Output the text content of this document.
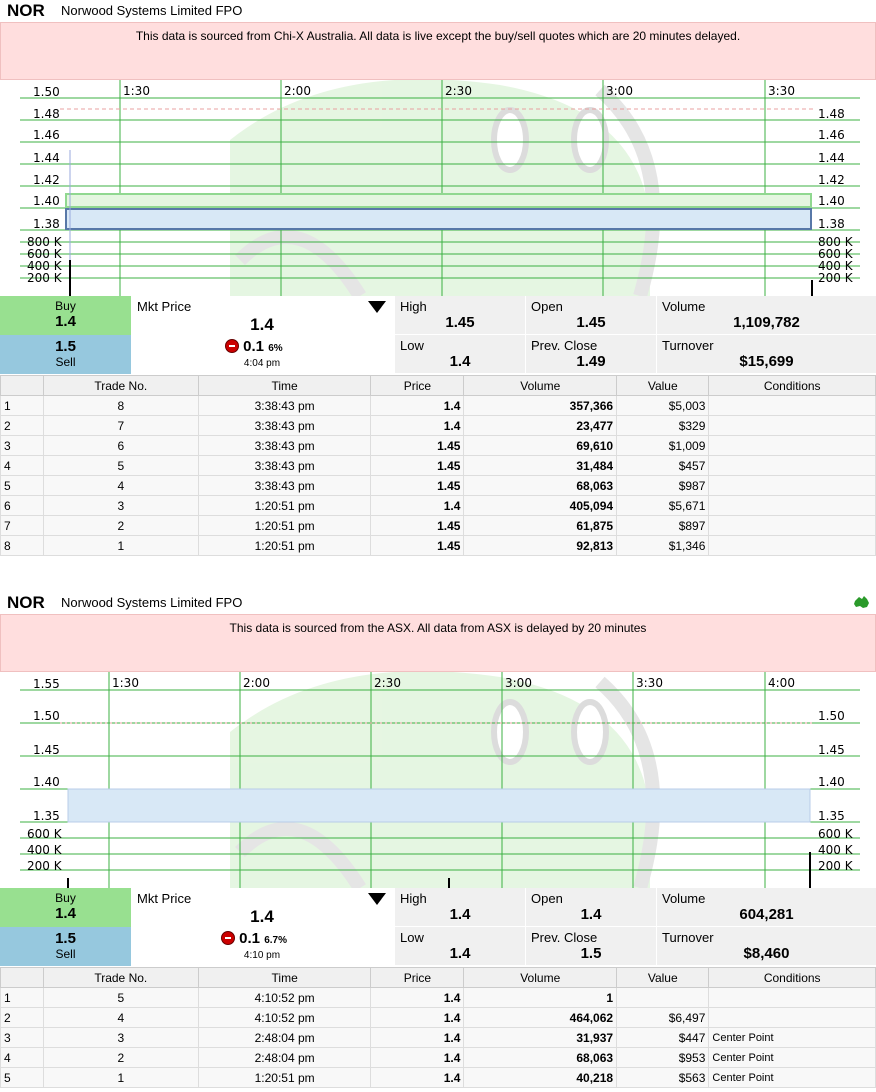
NOR Norwood Systems Limited FPO
This data is sourced from Chi-X Australia. All data is live except the buy/sell quotes which are 20 minutes delayed.
1:30	2:00	2:30	3:00	3:30
1.50
1.48
1.46
1.44
1.42
1.40
1.38
1.48
1.46
1.44
1.42
1.40
1.38
800 K
600 K
400 K
200 K
800 K
600 K
400 K
200 K
Buy
1.4
1.5
Sell
Mkt Price
1.4
0.1 6%
4:04 pm
High
1.45
Open
1.45
Volume
1,109,782
Low
1.4
Prev. Close
1.49
Turnover
$15,699
	Trade No.	Time	Price	Volume	Value	Conditions
1	8	3:38:43 pm	1.4	357,366	$5,003	
2	7	3:38:43 pm	1.4	23,477	$329	
3	6	3:38:43 pm	1.45	69,610	$1,009	
4	5	3:38:43 pm	1.45	31,484	$457	
5	4	3:38:43 pm	1.45	68,063	$987	
6	3	1:20:51 pm	1.4	405,094	$5,671	
7	2	1:20:51 pm	1.45	61,875	$897	
8	1	1:20:51 pm	1.45	92,813	$1,346	
NOR Norwood Systems Limited FPO
This data is sourced from the ASX. All data from ASX is delayed by 20 minutes
1:30	2:00	2:30	3:00	3:30	4:00
1.55
1.50
1.45
1.40
1.35
1.50
1.45
1.40
1.35
600 K
400 K
200 K
600 K
400 K
200 K
Buy
1.4
1.5
Sell
Mkt Price
1.4
0.1 6.7%
4:10 pm
High
1.4
Open
1.4
Volume
604,281
Low
1.4
Prev. Close
1.5
Turnover
$8,460
	Trade No.	Time	Price	Volume	Value	Conditions
1	5	4:10:52 pm	1.4	1		
2	4	4:10:52 pm	1.4	464,062	$6,497	
3	3	2:48:04 pm	1.4	31,937	$447	Center Point
4	2	2:48:04 pm	1.4	68,063	$953	Center Point
5	1	1:20:51 pm	1.4	40,218	$563	Center Point
